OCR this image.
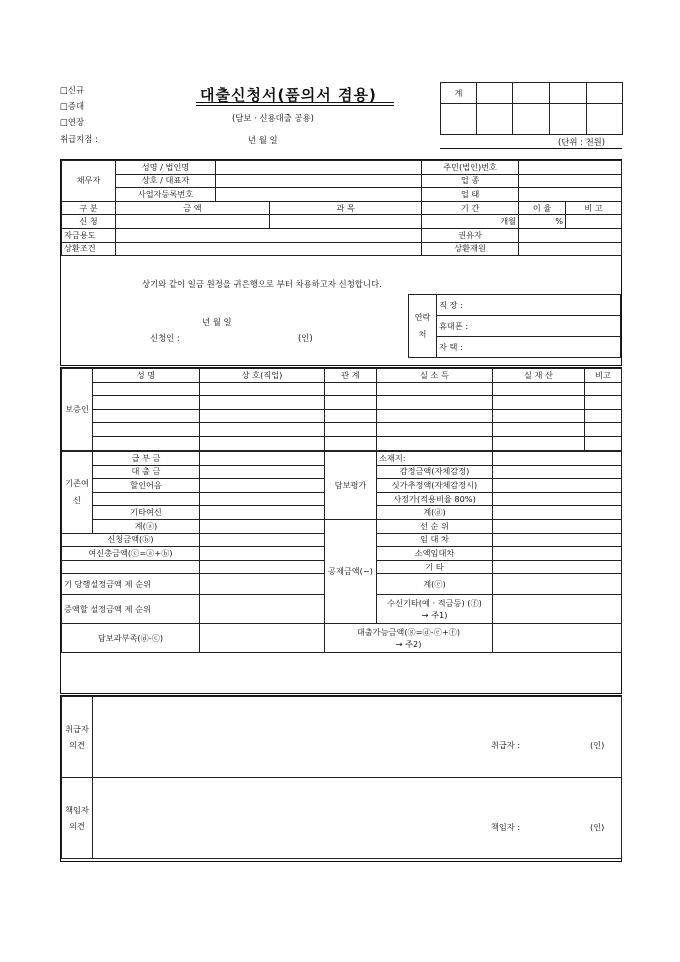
□신규
□증대
□연장
취급지점 :
대출신청서(품의서 겸용)
(담보 · 신용대출 공용)
년 월 일
계				

(단위 : 천원)
채무자	성명 / 법인명			주민(법인)번호		
	상호 / 대표자			업 종		
	사업자등록번호			업 태		
구 분	금 액		과 목	기 간	이 율	비 고
신 청				개월	%	
자금용도				권유자		
상환조건				상환재원		
상기와 같이 일금 원정을 귀은행으로 부터 차용하고자 신청합니다.
년 월 일
신청인 :	(인)
연락처	직 장 :
휴대폰 :
자 택 :
보증인	성 명	상 호(직업)	관 계	실 소 득	실 재 산	비고

기존여신	급 부 금		담보평가	소재지:	
	대 출 금			감정금액(자체감정)	
	할인어음			싯가추정액(자체감정시)	
				사정가(적용비율 80%)	
	기타여신			계(ⓓ)	
	계(ⓐ)		공제금액(−)	선 순 위	
신청금액(ⓑ)				임 대 차	
여신총금액(ⓒ=ⓐ+ⓑ)				소액임대차	
				기 타	
기 당행설정금액 제 순위				계(ⓔ)	
증액할 설정금액 제 순위				수신기타(예 · 적금등) (ⓕ)
→ 주1)	

담보과부족(ⓓ-ⓒ)			대출가능금액(ⓖ=ⓓ-ⓔ+ⓕ)
→ 주2)		

취급자의견	취급자 : (인)

책임자의견	책임자 : (인)
